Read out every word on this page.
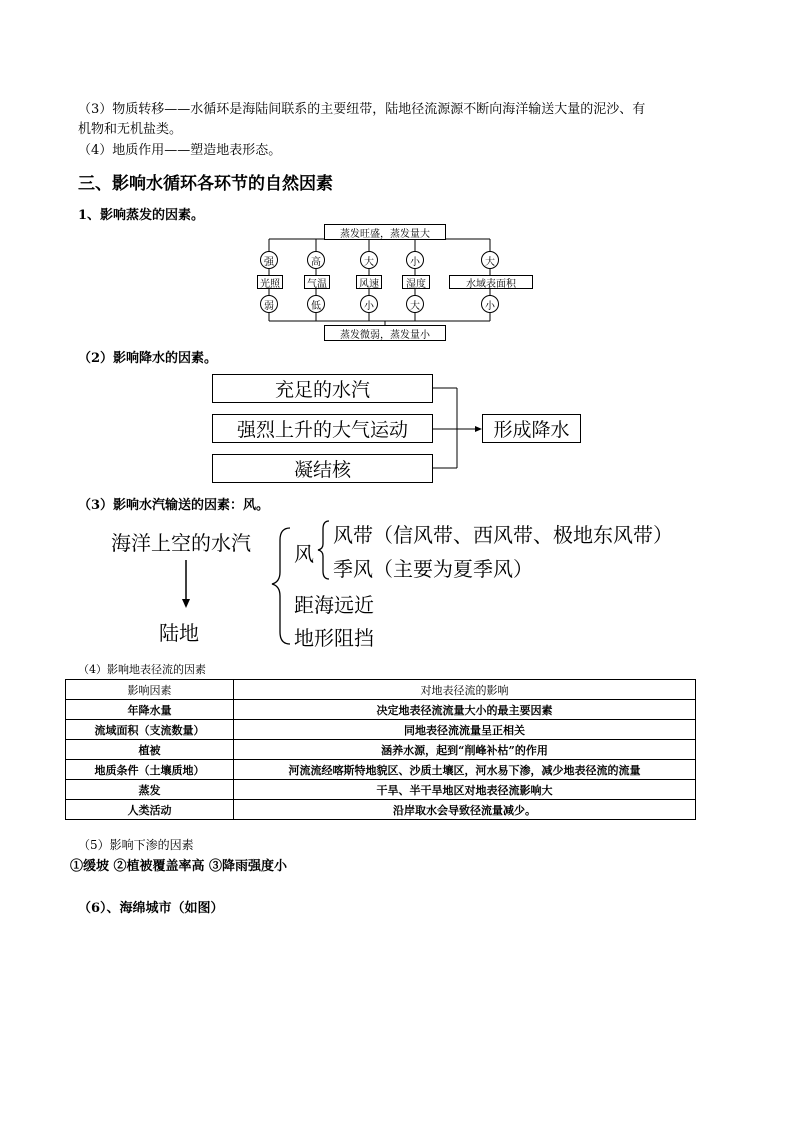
（3）物质转移——水循环是海陆间联系的主要纽带，陆地径流源源不断向海洋输送大量的泥沙、有
机物和无机盐类。
（4）地质作用——塑造地表形态。
三、影响水循环各环节的自然因素
1、影响蒸发的因素。
蒸发旺盛，蒸发量大
蒸发微弱，蒸发量小
强
光照
弱
高
气温
低
大
风速
小
小
湿度
大
大
水域表面积
小
（2）影响降水的因素。
充足的水汽
强烈上升的大气运动
凝结核
形成降水
（3）影响水汽输送的因素：风。
海洋上空的水汽
陆地
风
风带（信风带、西风带、极地东风带）
季风（主要为夏季风）
距海远近
地形阻挡
（4）影响地表径流的因素
影响因素	对地表径流的影响
年降水量	决定地表径流流量大小的最主要因素
流域面积（支流数量）	同地表径流流量呈正相关
植被	涵养水源，起到“削峰补枯”的作用
地质条件（土壤质地）	河流流经喀斯特地貌区、沙质土壤区，河水易下渗，减少地表径流的流量
蒸发	干旱、半干旱地区对地表径流影响大
人类活动	沿岸取水会导致径流量减少。
（5）影响下渗的因素
①缓坡 ②植被覆盖率高 ③降雨强度小
（6）、海绵城市（如图）
